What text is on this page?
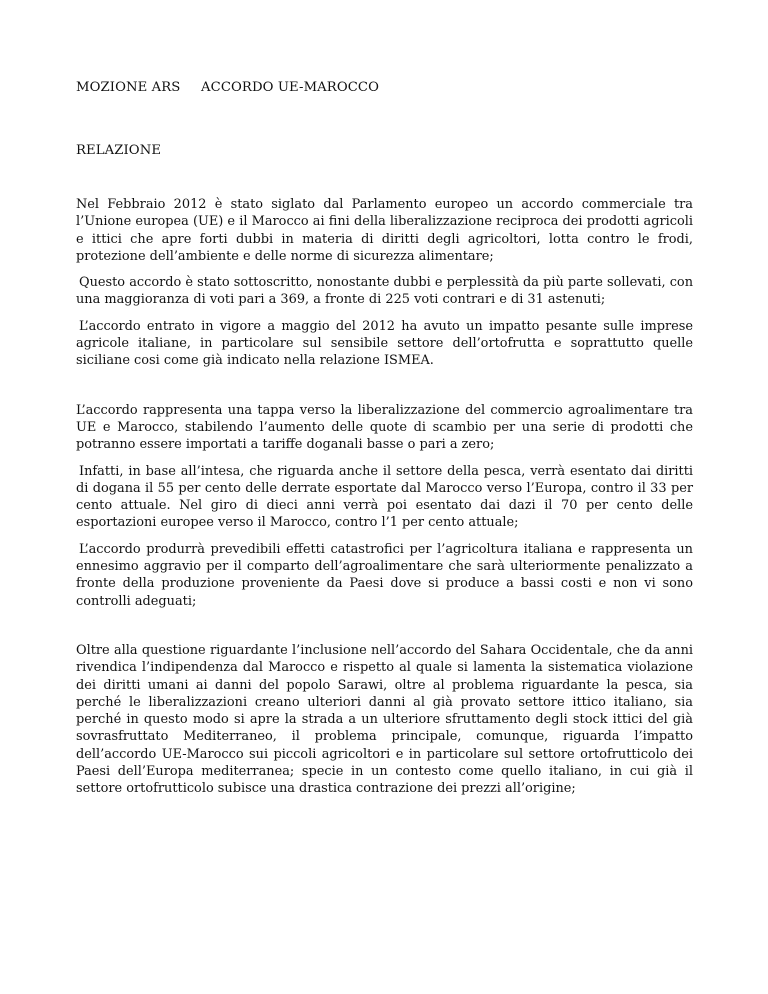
MOZIONE ARS ACCORDO UE-MAROCCO
RELAZIONE

Nel Febbraio 2012 è stato siglato dal Parlamento europeo un accordo commerciale tra l’Unione europea (UE) e il Marocco ai fini della liberalizzazione reciproca dei prodotti agricoli e ittici che apre forti dubbi in materia di diritti degli agricoltori, lotta contro le frodi, protezione dell’ambiente e delle norme di sicurezza alimentare;

Questo accordo è stato sottoscritto, nonostante dubbi e perplessità da più parte sollevati, con una maggioranza di voti pari a 369, a fronte di 225 voti contrari e di 31 astenuti;

L’accordo entrato in vigore a maggio del 2012 ha avuto un impatto pesante sulle imprese agricole italiane, in particolare sul sensibile settore dell’ortofrutta e soprattutto quelle siciliane cosi come già indicato nella relazione ISMEA.

L’accordo rappresenta una tappa verso la liberalizzazione del commercio agroalimentare tra UE e Marocco, stabilendo l’aumento delle quote di scambio per una serie di prodotti che potranno essere importati a tariffe doganali basse o pari a zero;

Infatti, in base all’intesa, che riguarda anche il settore della pesca, verrà esentato dai diritti di dogana il 55 per cento delle derrate esportate dal Marocco verso l’Europa, contro il 33 per cento attuale. Nel giro di dieci anni verrà poi esentato dai dazi il 70 per cento delle esportazioni europee verso il Marocco, contro l’1 per cento attuale;

L’accordo produrrà prevedibili effetti catastrofici per l’agricoltura italiana e rappresenta un ennesimo aggravio per il comparto dell’agroalimentare che sarà ulteriormente penalizzato a fronte della produzione proveniente da Paesi dove si produce a bassi costi e non vi sono controlli adeguati;

Oltre alla questione riguardante l’inclusione nell’accordo del Sahara Occidentale, che da anni rivendica l’indipendenza dal Marocco e rispetto al quale si lamenta la sistematica violazione dei diritti umani ai danni del popolo Sarawi, oltre al problema riguardante la pesca, sia perché le liberalizzazioni creano ulteriori danni al già provato settore ittico italiano, sia perché in questo modo si apre la strada a un ulteriore sfruttamento degli stock ittici del già sovrasfruttato Mediterraneo, il problema principale, comunque, riguarda l’impatto dell’accordo UE-Marocco sui piccoli agricoltori e in particolare sul settore ortofrutticolo dei Paesi dell’Europa mediterranea; specie in un contesto come quello italiano, in cui già il settore ortofrutticolo subisce una drastica contrazione dei prezzi all’origine;
